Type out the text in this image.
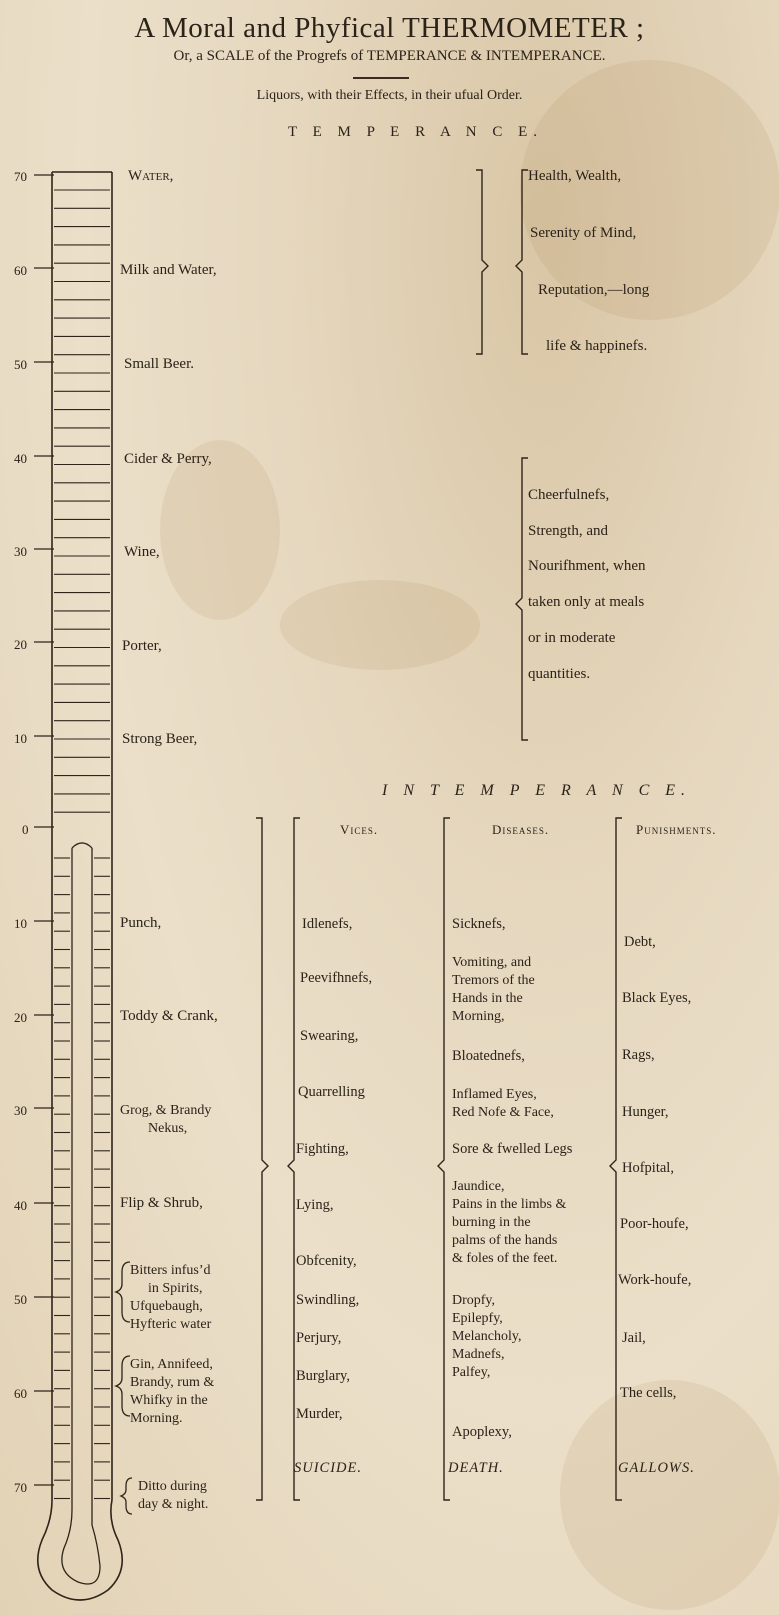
A Moral and Phyfical THERMOMETER ;
Or, a SCALE of the Progrefs of TEMPERANCE & INTEMPERANCE.
Liquors, with their Effects, in their ufual Order.
T E M P E R A N C E.
70
60
50
40
30
20
10
0
10
20
30
40
50
60
70
Water,
Milk and Water,
Small Beer.
Cider & Perry,
Wine,
Porter,
Strong Beer,
Health, Wealth,
Serenity of Mind,
Reputation,—long
life & happinefs.
Cheerfulnefs,
Strength, and
Nourifhment, when
taken only at meals
or in moderate
quantities.
I N T E M P E R A N C E.
Vices.	Diseases.	Punishments.
Punch,
Toddy & Crank,
Grog, & Brandy
Nekus,
Flip & Shrub,
Bitters infus’d
in Spirits,
Ufquebaugh,
Hyfteric water
Gin, Annifeed,
Brandy, rum &
Whifky in the
Morning.
Ditto during
day & night.
Idlenefs,
Peevifhnefs,
Swearing,
Quarrelling
Fighting,
Lying,
Obfcenity,
Swindling,
Perjury,
Burglary,
Murder,
SUICIDE.
Sicknefs,
Vomiting, and
Tremors of the
Hands in the
Morning,
Bloatednefs,
Inflamed Eyes,
Red Nofe & Face,
Sore & fwelled Legs
Jaundice,
Pains in the limbs &
burning in the
palms of the hands
& foles of the feet.
Dropfy,
Epilepfy,
Melancholy,
Madnefs,
Palfey,
Apoplexy,
DEATH.
Debt,
Black Eyes,
Rags,
Hunger,
Hofpital,
Poor-houfe,
Work-houfe,
Jail,
The cells,
GALLOWS.
